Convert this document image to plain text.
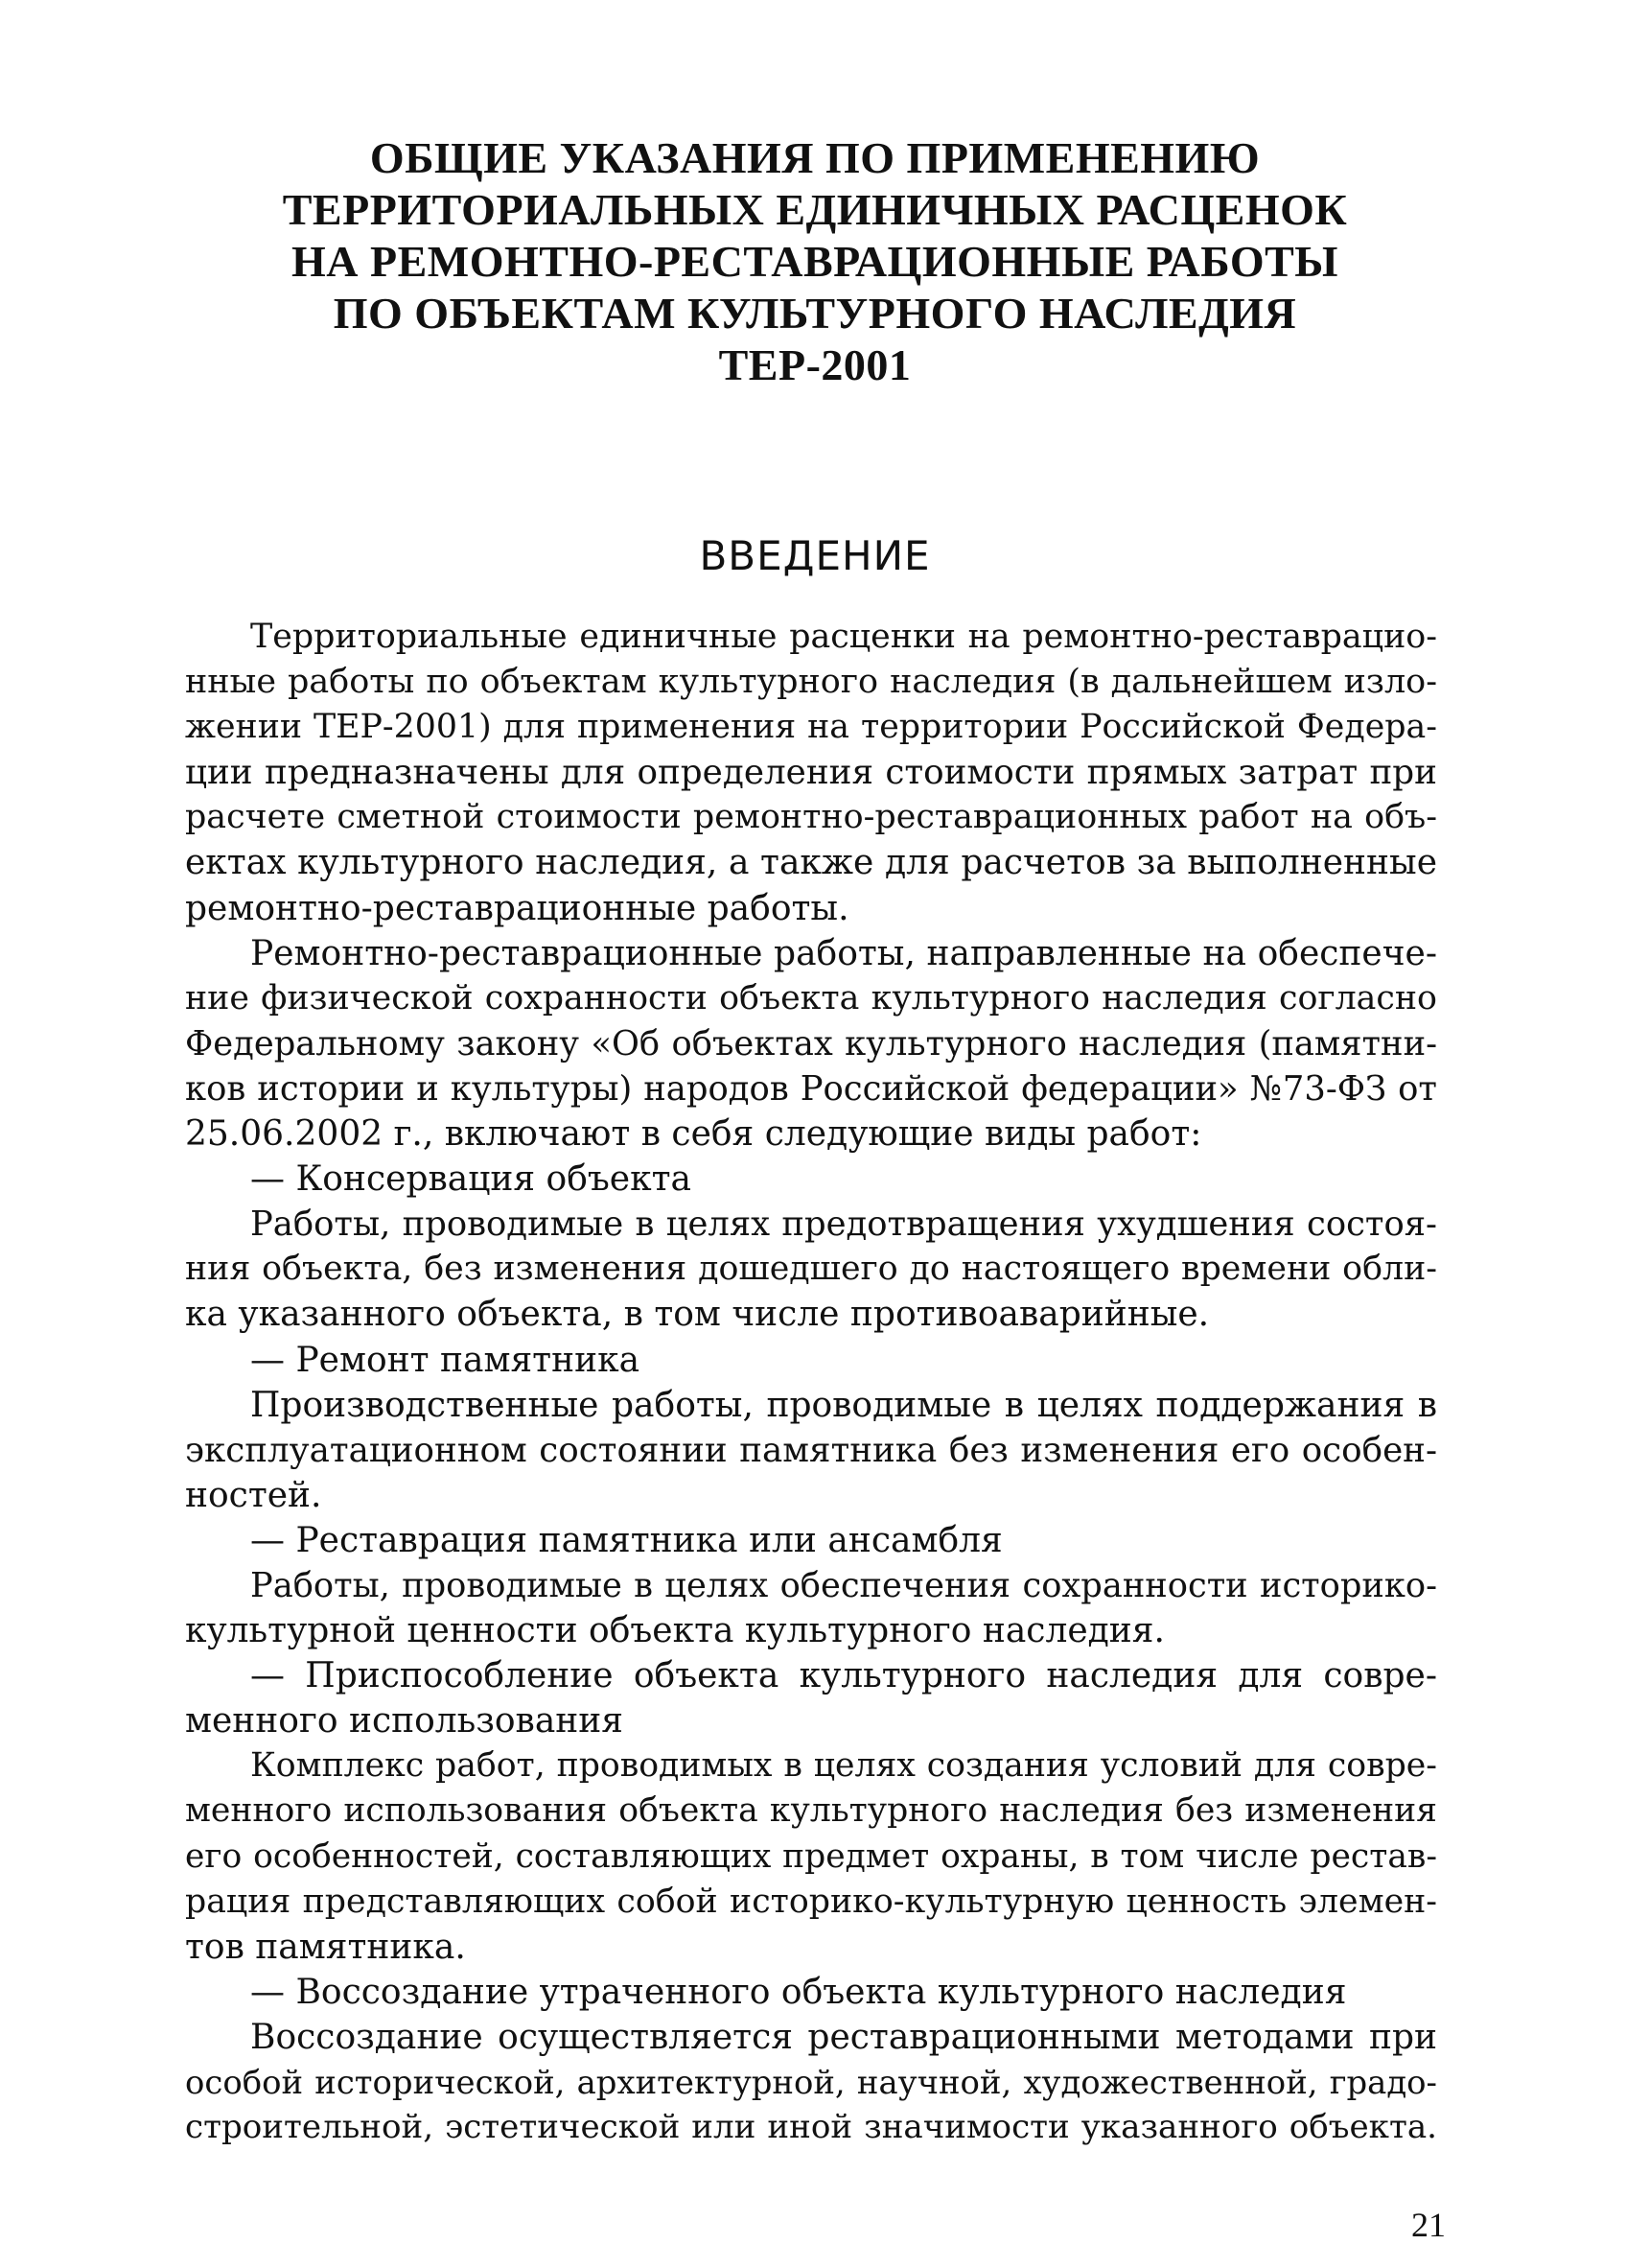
ОБЩИЕ УКАЗАНИЯ ПО ПРИМЕНЕНИЮ
ТЕРРИТОРИАЛЬНЫХ ЕДИНИЧНЫХ РАСЦЕНОК
НА РЕМОНТНО-РЕСТАВРАЦИОННЫЕ РАБОТЫ
ПО ОБЪЕКТАМ КУЛЬТУРНОГО НАСЛЕДИЯ
ТЕР-2001
ВВЕДЕНИЕ
Территориальные единичные расценки на ремонтно-реставрацио-
нные работы по объектам культурного наследия (в дальнейшем изло-
жении ТЕР-2001) для применения на территории Российской Федера-
ции предназначены для определения стоимости прямых затрат при
расчете сметной стоимости ремонтно-реставрационных работ на объ-
ектах культурного наследия, а также для расчетов за выполненные
ремонтно-реставрационные работы.
Ремонтно-реставрационные работы, направленные на обеспече-
ние физической сохранности объекта культурного наследия согласно
Федеральному закону «Об объектах культурного наследия (памятни-
ков истории и культуры) народов Российской федерации» №73-ФЗ от
25.06.2002 г., включают в себя следующие виды работ:
— Консервация объекта
Работы, проводимые в целях предотвращения ухудшения состоя-
ния объекта, без изменения дошедшего до настоящего времени обли-
ка указанного объекта, в том числе противоаварийные.
— Ремонт памятника
Производственные работы, проводимые в целях поддержания в
эксплуатационном состоянии памятника без изменения его особен-
ностей.
— Реставрация памятника или ансамбля
Работы, проводимые в целях обеспечения сохранности историко-
культурной ценности объекта культурного наследия.
— Приспособление объекта культурного наследия для совре-
менного использования
Комплекс работ, проводимых в целях создания условий для совре-
менного использования объекта культурного наследия без изменения
его особенностей, составляющих предмет охраны, в том числе рестав-
рация представляющих собой историко-культурную ценность элемен-
тов памятника.
— Воссоздание утраченного объекта культурного наследия
Воссоздание осуществляется реставрационными методами при
особой исторической, архитектурной, научной, художественной, градо-
строительной, эстетической или иной значимости указанного объекта.
21
